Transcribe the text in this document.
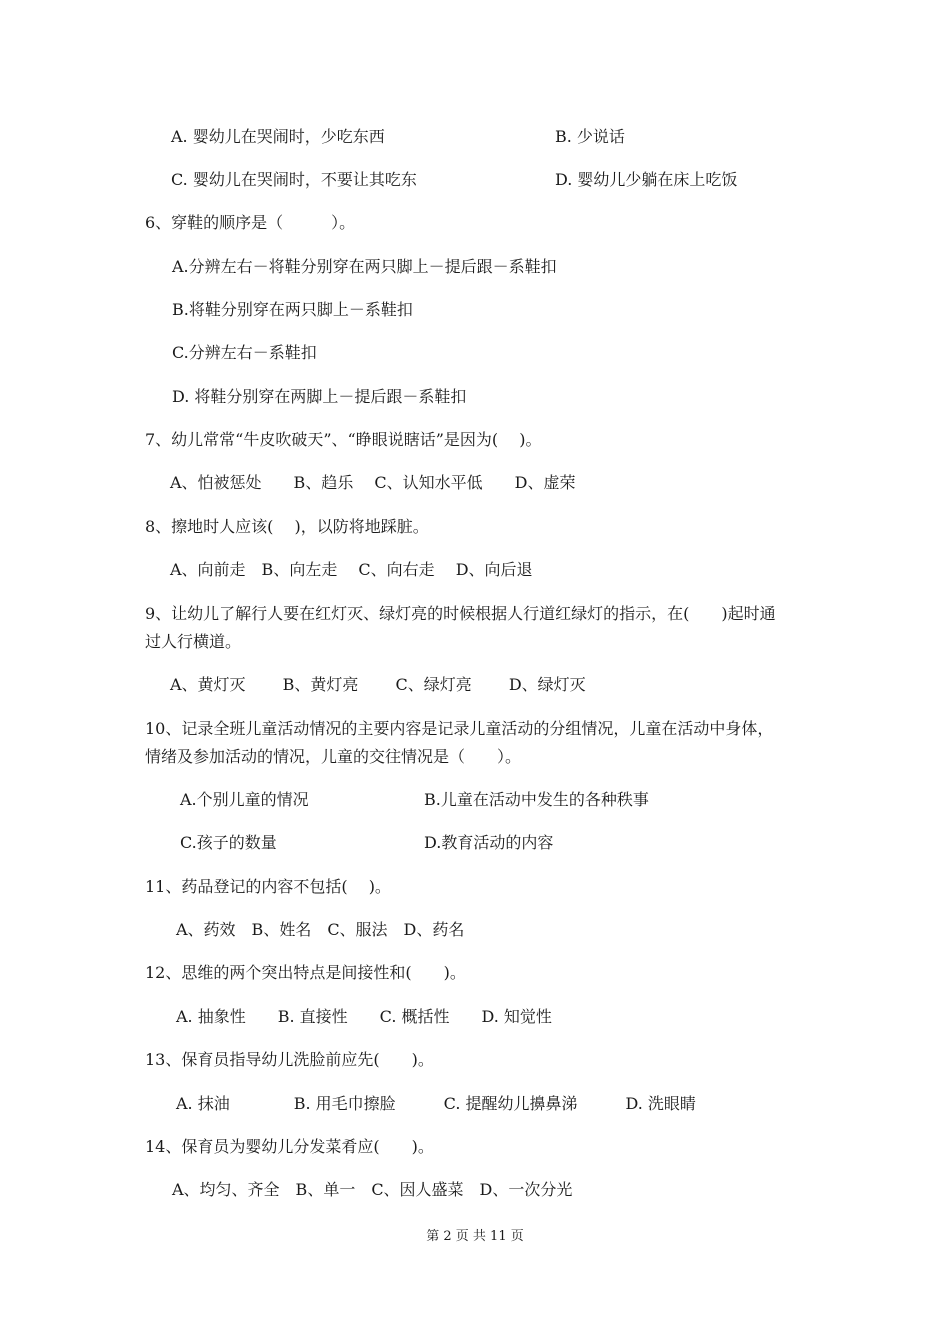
A. 婴幼儿在哭闹时，少吃东西	B. 少说话

C. 婴幼儿在哭闹时，不要让其吃东	D. 婴幼儿少躺在床上吃饭

6、穿鞋的顺序是（　　　）。

A.分辨左右－将鞋分别穿在两只脚上－提后跟－系鞋扣

B.将鞋分别穿在两只脚上－系鞋扣

C.分辨左右－系鞋扣

D. 将鞋分别穿在两脚上－提后跟－系鞋扣

7、幼儿常常“牛皮吹破天”、“睁眼说瞎话”是因为(　 )。

A、怕被惩处　　B、趋乐　 C、认知水平低　　D、虚荣

8、擦地时人应该(　 )，以防将地踩脏。

A、向前走　B、向左走　 C、向右走　 D、向后退

9、让幼儿了解行人要在红灯灭、绿灯亮的时候根据人行道红绿灯的指示，在(　　)起时通

过人行横道。

A、黄灯灭　　 B、黄灯亮　　 C、绿灯亮　　 D、绿灯灭

10、记录全班儿童活动情况的主要内容是记录儿童活动的分组情况，儿童在活动中身体，

情绪及参加活动的情况，儿童的交往情况是（　　）。

A.个别儿童的情况	B.儿童在活动中发生的各种秩事

C.孩子的数量	D.教育活动的内容

11、药品登记的内容不包括(　 )。

A、药效　B、姓名　C、服法　D、药名

12、思维的两个突出特点是间接性和(　　)。

A. 抽象性　　B. 直接性　　C. 概括性　　D. 知觉性

13、保育员指导幼儿洗脸前应先(　　)。

A. 抹油　　　　B. 用毛巾擦脸　　　C. 提醒幼儿擤鼻涕　　　D. 洗眼睛

14、保育员为婴幼儿分发菜肴应(　　)。

A、均匀、齐全　B、单一　C、因人盛菜　D、一次分光

第 2 页 共 11 页
